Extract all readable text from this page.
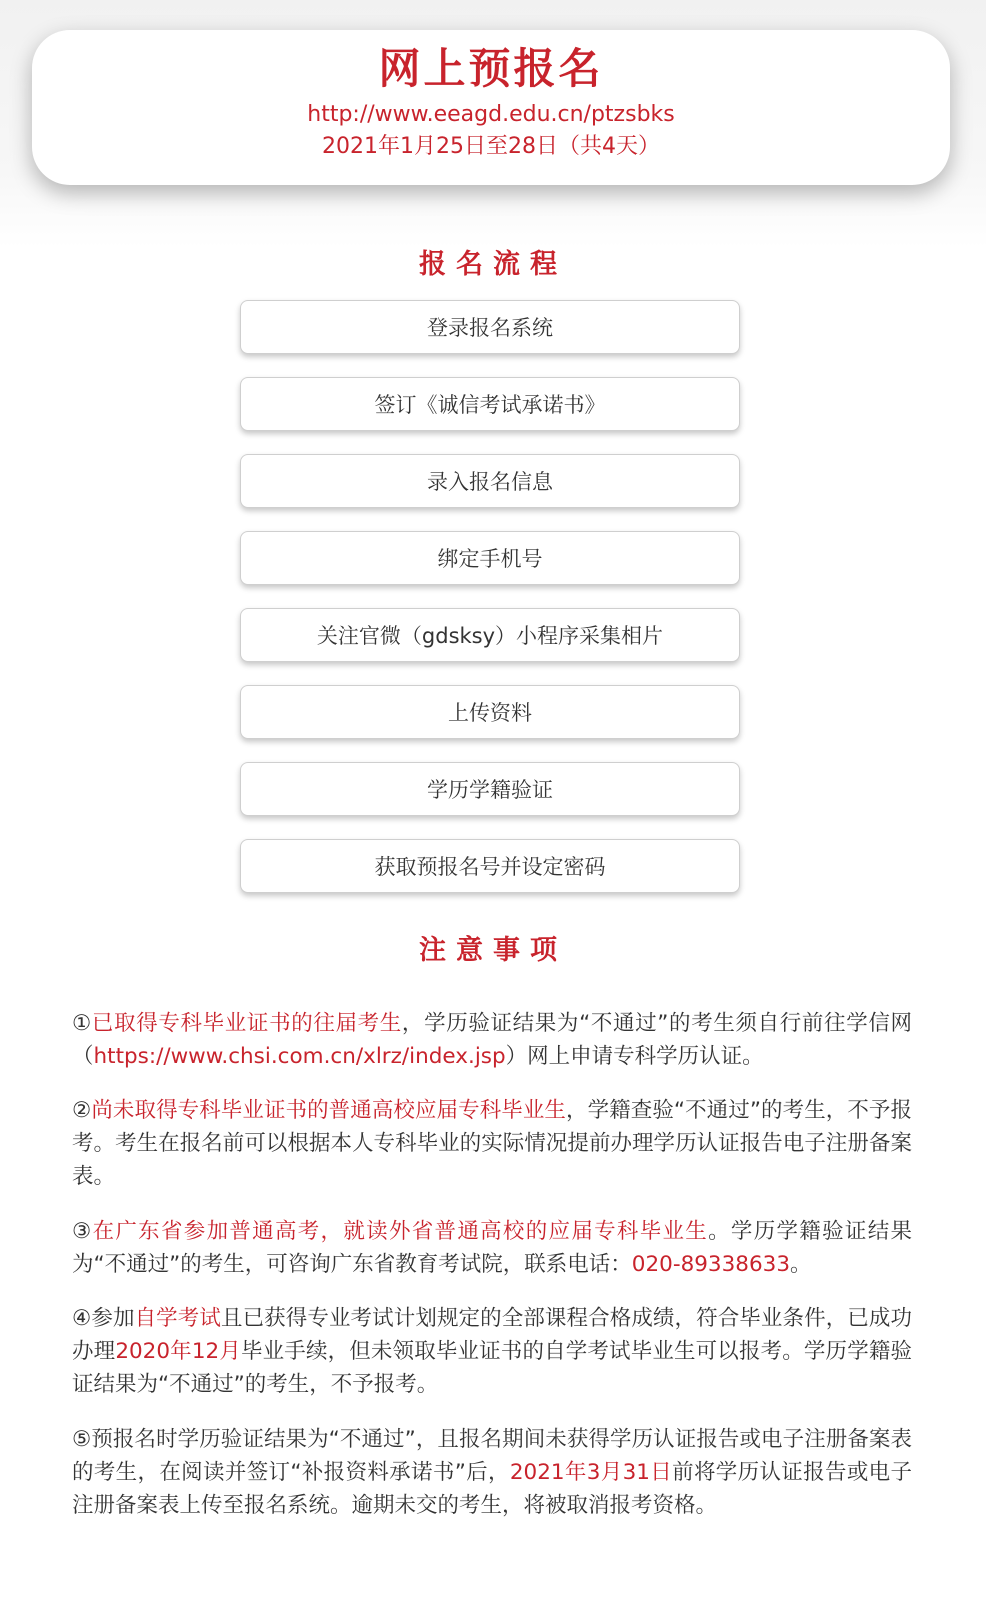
网上预报名
http://www.eeagd.edu.cn/ptzsbks
2021年1月25日至28日（共4天）
报名流程
登录报名系统
签订《诚信考试承诺书》
录入报名信息
绑定手机号
关注官微（gdsksy）小程序采集相片
上传资料
学历学籍验证
获取预报名号并设定密码
注意事项

①已取得专科毕业证书的往届考生，学历验证结果为“不通过”的考生须自行前往学信网（https://www.chsi.com.cn/xlrz/index.jsp）网上申请专科学历认证。

②尚未取得专科毕业证书的普通高校应届专科毕业生，学籍查验“不通过”的考生，不予报考。考生在报名前可以根据本人专科毕业的实际情况提前办理学历认证报告电子注册备案表。

③在广东省参加普通高考，就读外省普通高校的应届专科毕业生。学历学籍验证结果为“不通过”的考生，可咨询广东省教育考试院，联系电话：020-89338633。

④参加自学考试且已获得专业考试计划规定的全部课程合格成绩，符合毕业条件，已成功办理2020年12月毕业手续，但未领取毕业证书的自学考试毕业生可以报考。学历学籍验证结果为“不通过”的考生，不予报考。

⑤预报名时学历验证结果为“不通过”，且报名期间未获得学历认证报告或电子注册备案表的考生，在阅读并签订“补报资料承诺书”后，2021年3月31日前将学历认证报告或电子注册备案表上传至报名系统。逾期未交的考生，将被取消报考资格。
